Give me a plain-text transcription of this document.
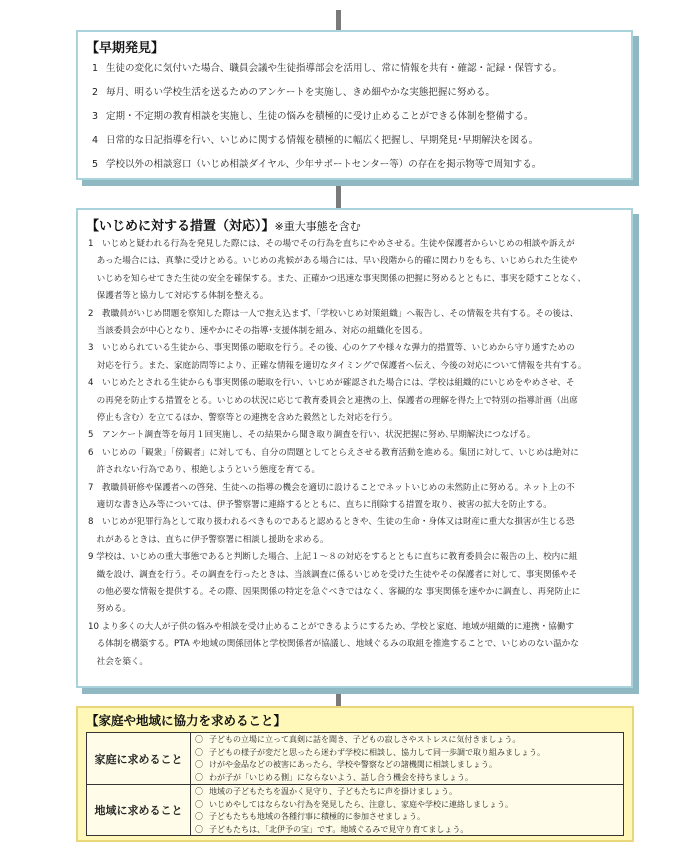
【早期発見】
1 生徒の変化に気付いた場合、職員会議や生徒指導部会を活用し、常に情報を共有・確認・記録・保管する。
2 毎月、明るい学校生活を送るためのアンケートを実施し、きめ細やかな実態把握に努める。
3 定期・不定期の教育相談を実施し、生徒の悩みを積極的に受け止めることができる体制を整備する。
4 日常的な日記指導を行い、いじめに関する情報を積極的に幅広く把握し、早期発見･早期解決を図る。
5 学校以外の相談窓口（いじめ相談ダイヤル、少年サポートセンター等）の存在を掲示物等で周知する。
【いじめに対する措置（対応）】※重大事態を含む
1　いじめと疑われる行為を発見した際には、その場でその行為を直ちにやめさせる。生徒や保護者からいじめの相談や訴えが
　あった場合には、真摯に受けとめる。いじめの兆候がある場合には、早い段階から的確に関わりをもち、いじめられた生徒や
　いじめを知らせてきた生徒の安全を確保する。また、正確かつ迅速な事実関係の把握に努めるとともに、事実を隠すことなく、
　保護者等と協力して対応する体制を整える。
2　教職員がいじめ問題を察知した際は一人で抱え込まず、「学校いじめ対策組織」へ報告し、その情報を共有する。その後は、
　当該委員会が中心となり、速やかにその指導･支援体制を組み、対応の組織化を図る。
3　いじめられている生徒から、事実関係の聴取を行う。その後、心のケアや様々な弾力的措置等、いじめから守り通すための
　対応を行う。また、家庭訪問等により、正確な情報を適切なタイミングで保護者へ伝え、今後の対応について情報を共有する。
4　いじめたとされる生徒からも事実関係の聴取を行い、いじめが確認された場合には、学校は組織的にいじめをやめさせ、そ
　の再発を防止する措置をとる。いじめの状況に応じて教育委員会と連携の上、保護者の理解を得た上で特別の指導計画（出席
　停止も含む）を立てるほか、警察等との連携を含めた毅然とした対応を行う。
5　アンケート調査等を毎月１回実施し、その結果から聞き取り調査を行い、状況把握に努め､早期解決につなげる。
6　いじめの「観衆」「傍観者」に対しても、自分の問題としてとらえさせる教育活動を進める。集団に対して、いじめは絶対に
　許されない行為であり、根絶しようという態度を育てる。
7　教職員研修や保護者への啓発、生徒への指導の機会を適切に設けることでネットいじめの未然防止に努める。ネット上の不
　適切な書き込み等については、伊予警察署に連絡するとともに、直ちに削除する措置を取り、被害の拡大を防止する。
8　いじめが犯罪行為として取り扱われるべきものであると認めるときや、生徒の生命・身体又は財産に重大な損害が生じる恐
　れがあるときは、直ちに伊予警察署に相談し援助を求める。
9 学校は、いじめの重大事態であると判断した場合、上記１～８の対応をするとともに直ちに教育委員会に報告の上、校内に組
　織を設け、調査を行う。その調査を行ったときは、当該調査に係るいじめを受けた生徒やその保護者に対して、事実関係やそ
　の他必要な情報を提供する。その際、因果関係の特定を急ぐべきではなく、客観的な 事実関係を速やかに調査し、再発防止に
　努める。
10 より多くの大人が子供の悩みや相談を受け止めることができるようにするため、学校と家庭、地域が組織的に連携・協働す
　る体制を構築する。PTA や地域の関係団体と学校関係者が協議し、地域ぐるみの取組を推進することで、いじめのない温かな
　社会を築く。
【家庭や地域に協力を求めること】
家庭に求めること
〇 子どもの立場に立って真剣に話を聞き、子どもの寂しさやストレスに気付きましょう。
〇 子どもの様子が変だと思ったら迷わず学校に相談し、協力して同一歩調で取り組みましょう。
〇 けがや金品などの被害にあったら、学校や警察などの諸機関に相談しましょう。
〇 わが子が「いじめる側」にならないよう、話し合う機会を持ちましょう。
地域に求めること
〇 地域の子どもたちを温かく見守り、子どもたちに声を掛けましょう。
〇 いじめやしてはならない行為を発見したら、注意し、家庭や学校に連絡しましょう。
〇 子どもたちも地域の各種行事に積極的に参加させましょう。
〇 子どもたちは、「北伊予の宝」です。地域ぐるみで見守り育てましょう。
